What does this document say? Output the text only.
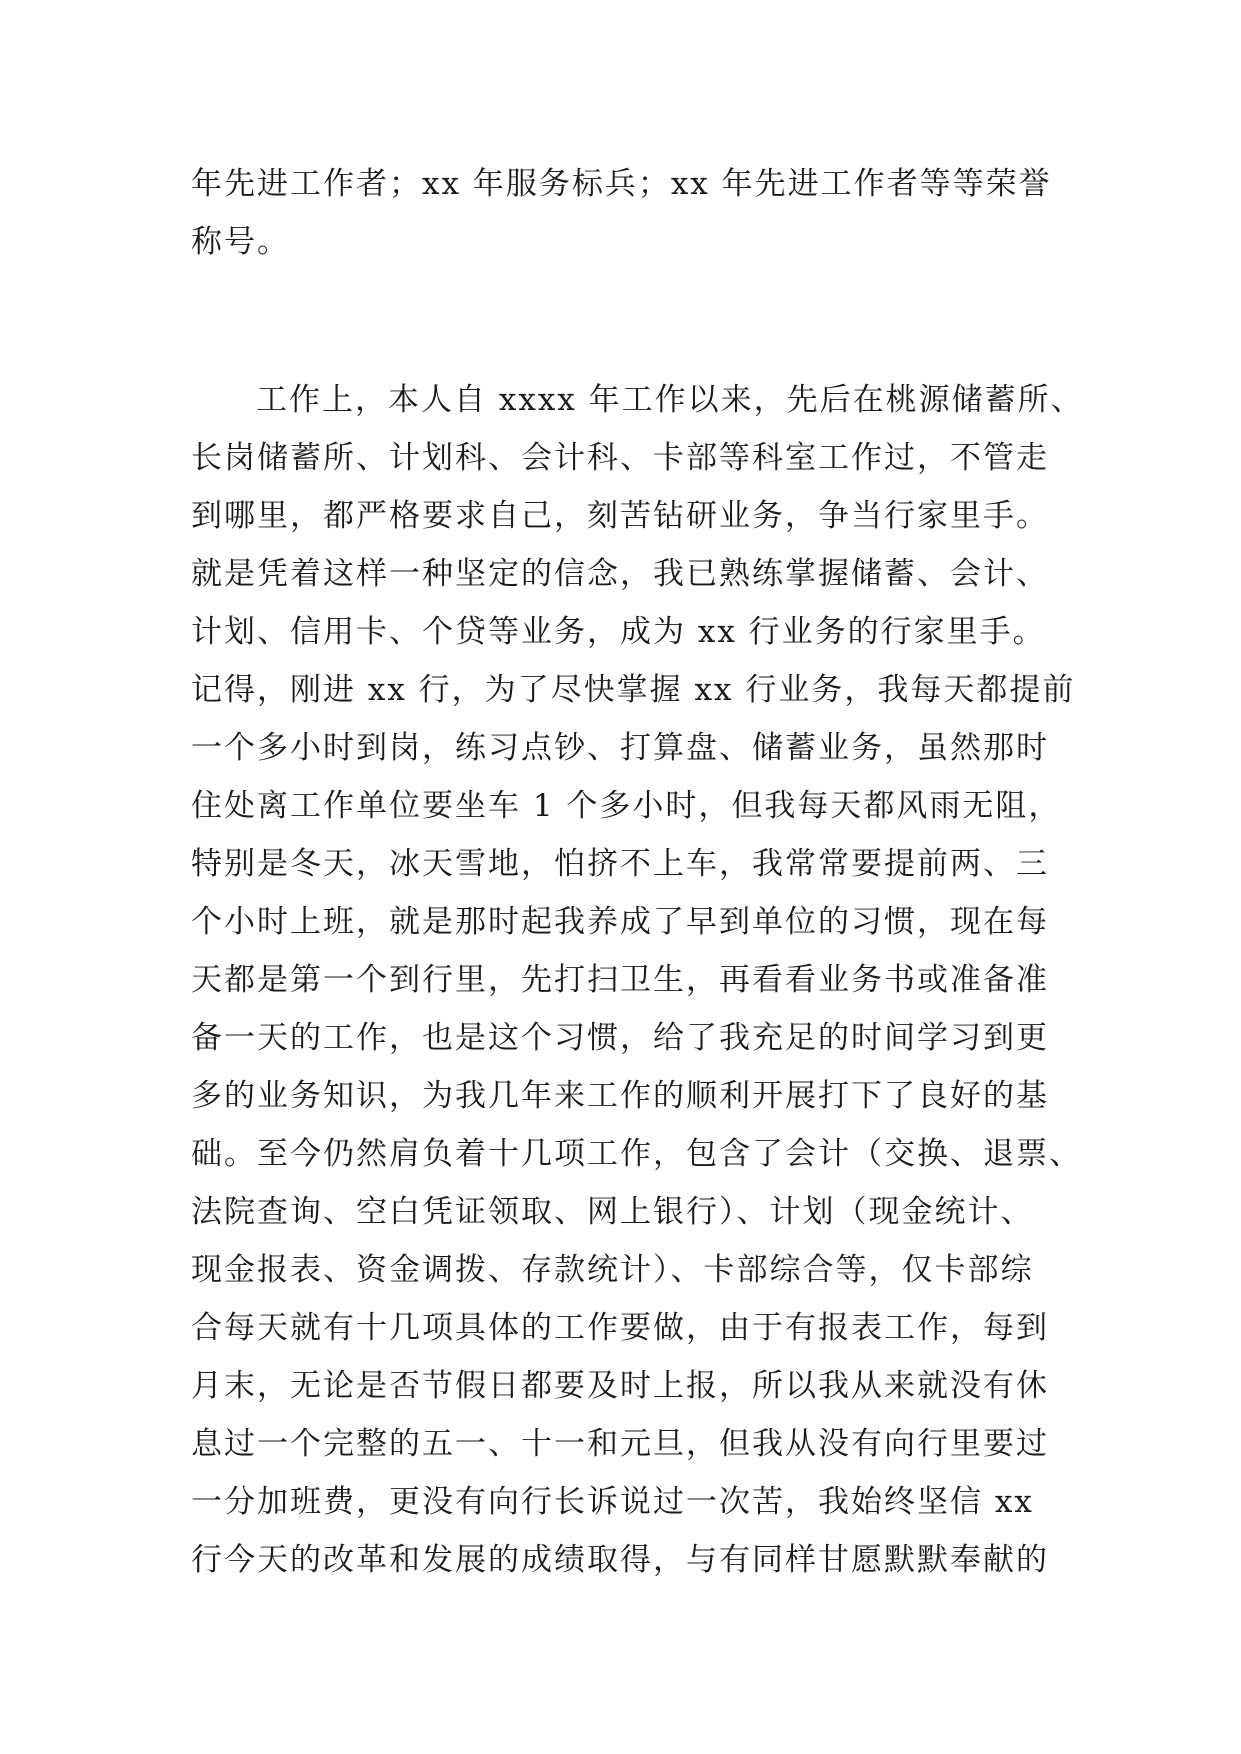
年先进工作者；xx 年服务标兵；xx 年先进工作者等等荣誉
称号。
工作上，本人自 xxxx 年工作以来，先后在桃源储蓄所、
长岗储蓄所、计划科、会计科、卡部等科室工作过，不管走
到哪里，都严格要求自己，刻苦钻研业务，争当行家里手。
就是凭着这样一种坚定的信念，我已熟练掌握储蓄、会计、
计划、信用卡、个贷等业务，成为 xx 行业务的行家里手。
记得，刚进 xx 行，为了尽快掌握 xx 行业务，我每天都提前
一个多小时到岗，练习点钞、打算盘、储蓄业务，虽然那时
住处离工作单位要坐车 1 个多小时，但我每天都风雨无阻，
特别是冬天，冰天雪地，怕挤不上车，我常常要提前两、三
个小时上班，就是那时起我养成了早到单位的习惯，现在每
天都是第一个到行里，先打扫卫生，再看看业务书或准备准
备一天的工作，也是这个习惯，给了我充足的时间学习到更
多的业务知识，为我几年来工作的顺利开展打下了良好的基
础。至今仍然肩负着十几项工作，包含了会计（交换、退票、
法院查询、空白凭证领取、网上银行）、计划（现金统计、
现金报表、资金调拨、存款统计）、卡部综合等，仅卡部综
合每天就有十几项具体的工作要做，由于有报表工作，每到
月末，无论是否节假日都要及时上报，所以我从来就没有休
息过一个完整的五一、十一和元旦，但我从没有向行里要过
一分加班费，更没有向行长诉说过一次苦，我始终坚信 xx
行今天的改革和发展的成绩取得，与有同样甘愿默默奉献的
